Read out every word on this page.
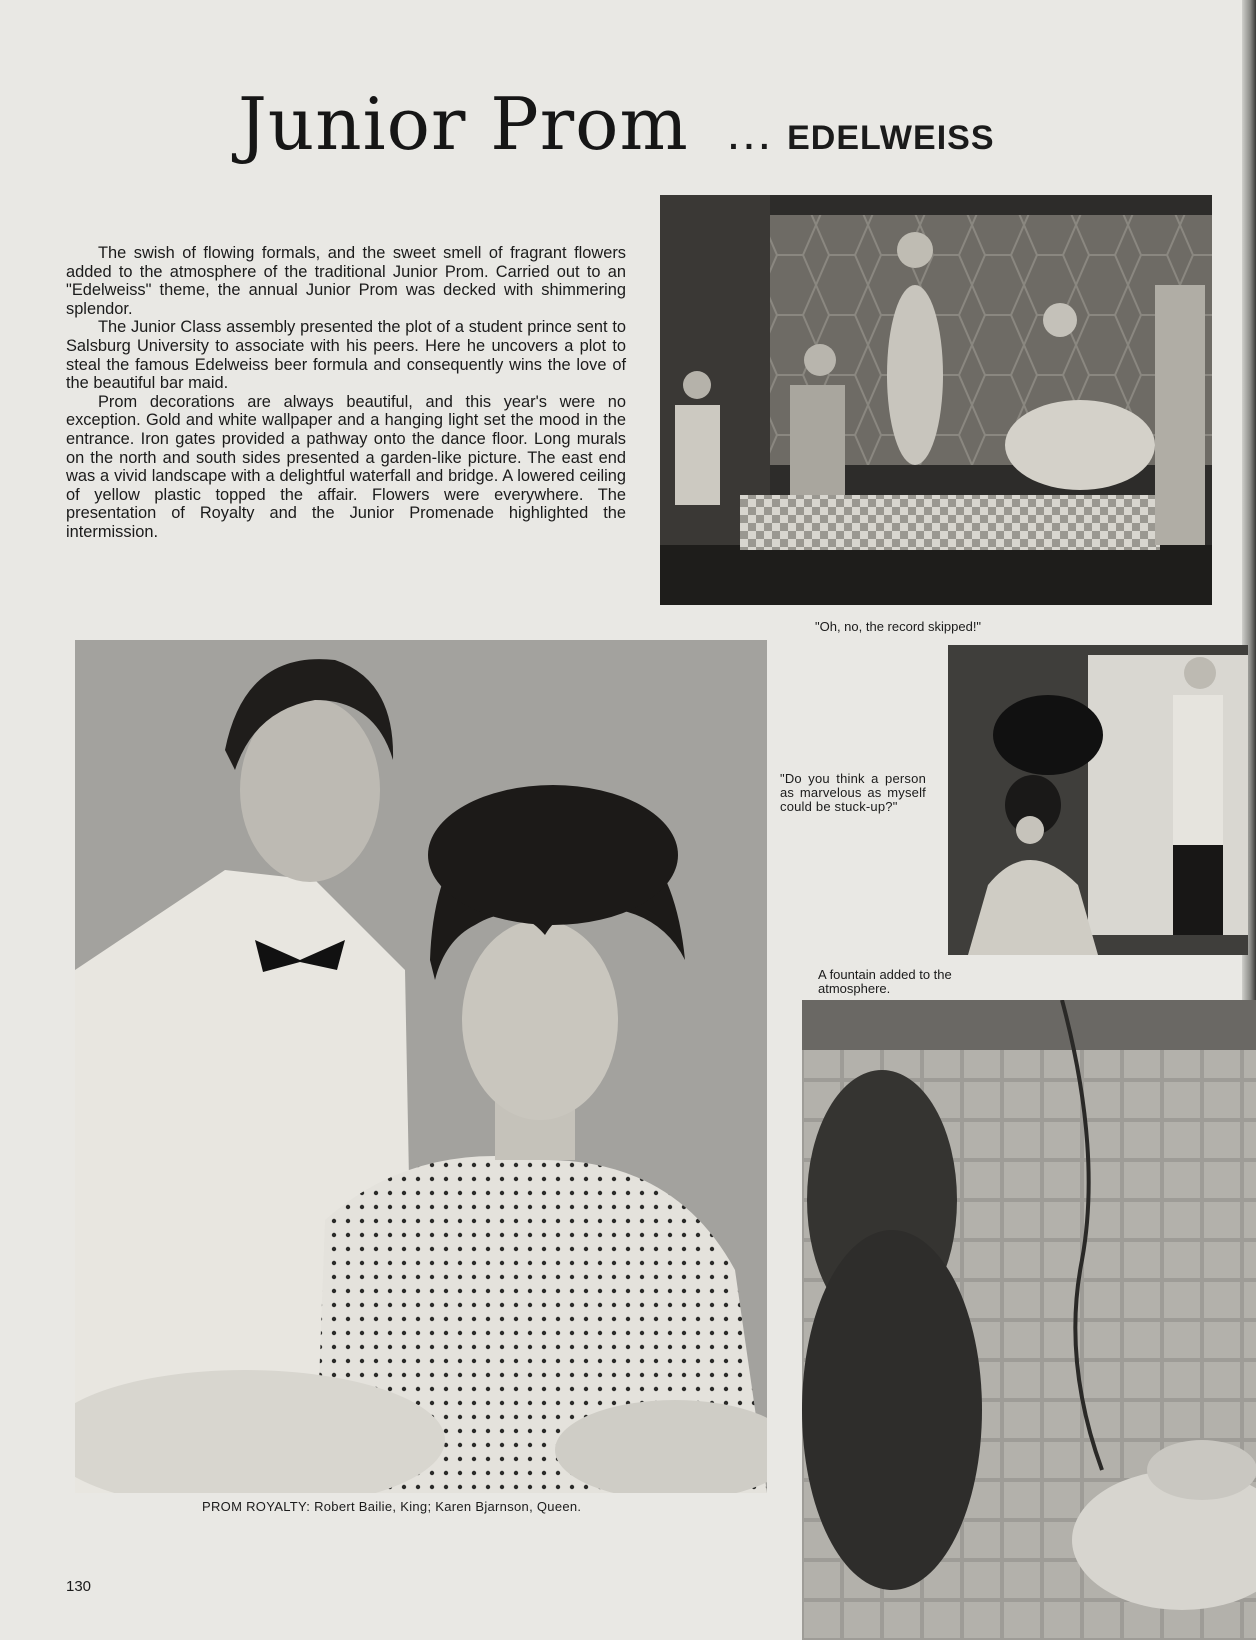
Junior Prom ... EDELWEISS

The swish of flowing formals, and the sweet smell of fragrant flowers added to the atmosphere of the traditional Junior Prom. Carried out to an "Edelweiss" theme, the annual Junior Prom was decked with shimmering splendor.

The Junior Class assembly presented the plot of a student prince sent to Salsburg University to associate with his peers. Here he uncovers a plot to steal the famous Edelweiss beer formula and consequently wins the love of the beautiful bar maid.

Prom decorations are always beautiful, and this year's were no exception. Gold and white wallpaper and a hanging light set the mood in the entrance. Iron gates provided a pathway onto the dance floor. Long murals on the north and south sides presented a garden-like picture. The east end was a vivid landscape with a delightful waterfall and bridge. A lowered ceiling of yellow plastic topped the affair. Flowers were everywhere. The presentation of Royalty and the Junior Promenade highlighted the intermission.

"Oh, no, the record skipped!"
PROM ROYALTY: Robert Bailie, King; Karen Bjarnson, Queen.
"Do you think a person as marvelous as myself could be stuck-up?"
A fountain added to the atmosphere.
130
